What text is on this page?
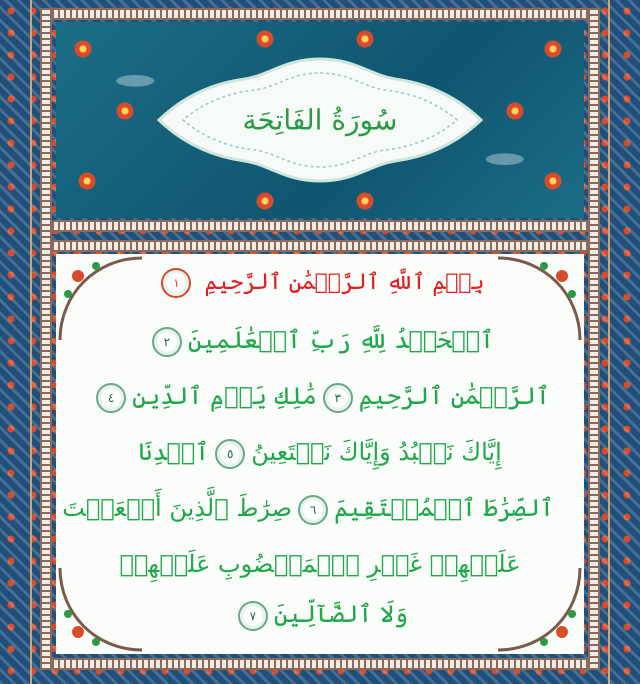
سُورَةُ الفَاتِحَة
بِسۡمِ ٱللَّهِ ٱلرَّحۡمَٰنِ ٱلرَّحِيمِ ١
ٱلۡحَمۡدُ لِلَّهِ رَبِّ ٱلۡعَٰلَمِينَ٢
ٱلرَّحۡمَٰنِ ٱلرَّحِيمِ٣مَٰلِكِ يَوۡمِ ٱلدِّينِ٤
إِيَّاكَ نَعۡبُدُ وَإِيَّاكَ نَسۡتَعِينُ٥ٱهۡدِنَا
ٱلصِّرَٰطَ ٱلۡمُسۡتَقِيمَ٦صِرَٰطَ ٱلَّذِينَ أَنۡعَمۡتَ
عَلَيۡهِمۡ غَيۡرِ ٱلۡمَغۡضُوبِ عَلَيۡهِمۡ
وَلَا ٱلضَّآلِّينَ٧
